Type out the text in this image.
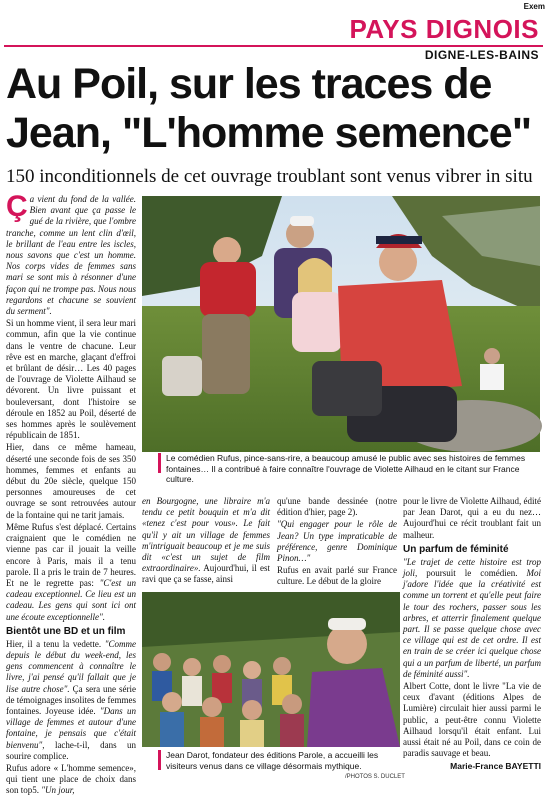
Exem
PAYS DIGNOIS
DIGNE-LES-BAINS
Au Poil, sur les traces de Jean, "L'homme semence"
150 inconditionnels de cet ouvrage troublant sont venus vibrer in situ

Ça vient du fond de la vallée. Bien avant que ça passe le gué de la rivière, que l'ombre tranche, comme un lent clin d'œil, le brillant de l'eau entre les iscles, nous savons que c'est un homme. Nos corps vides de femmes sans mari se sont mis à résonner d'une façon qui ne trompe pas. Nous nous regardons et chacune se souvient du serment".

Si un homme vient, il sera leur mari commun, afin que la vie continue dans le ventre de chacune. Leur rêve est en marche, glaçant d'effroi et brûlant de désir… Les 40 pages de l'ouvrage de Violette Ailhaud se dévorent. Un livre puissant et bouleversant, dont l'histoire se déroule en 1852 au Poil, déserté de ses hommes après le soulèvement républicain de 1851.

Hier, dans ce même hameau, déserté une seconde fois de ses 350 hommes, femmes et enfants au début du 20e siècle, quelque 150 personnes amoureuses de cet ouvrage se sont retrouvées autour de la fontaine qui ne tarit jamais.

Même Rufus s'est déplacé. Certains craignaient que le comédien ne vienne pas car il jouait la veille encore à Paris, mais il a tenu parole. Il a pris le train de 7 heures. Et ne le regrette pas: "C'est un cadeau exceptionnel. Ce lieu est un cadeau. Les gens qui sont ici ont une écoute exceptionnelle".

Bientôt une BD et un film

Hier, il a tenu la vedette. "Comme depuis le début du week-end, les gens commencent à connaître le livre, j'ai pensé qu'il fallait que je lise autre chose". Ça sera une série de témoignages insolites de femmes fontaines. Joyeuse idée. "Dans un village de femmes et autour d'une fontaine, je pensais que c'était bienvenu", lache-t-il, dans un sourire complice.

Rufus adore « L'homme semence», qui tient une place de choix dans son top5. "Un jour,

Le comédien Rufus, pince-sans-rire, a beaucoup amusé le public avec ses histoires de femmes fontaines… Il a contribué à faire connaître l'ouvrage de Violette Ailhaud en le citant sur France culture.

en Bourgogne, une libraire m'a tendu ce petit bouquin et m'a dit «tenez c'est pour vous». Le fait qu'il y ait un village de femmes m'intriguait beaucoup et je me suis dit «c'est un sujet de film extraordinaire». Aujourd'hui, il est ravi que ça se fasse, ainsi

qu'une bande dessinée (notre édition d'hier, page 2).

"Qui engager pour le rôle de Jean? Un type impraticable de préférence, genre Dominique Pinon…"

Rufus en avait parlé sur France culture. Le début de la gloire

pour le livre de Violette Ailhaud, édité par Jean Darot, qui a eu du nez… Aujourd'hui ce récit troublant fait un malheur.

Un parfum de féminité

"Le trajet de cette histoire est trop joli, poursuit le comédien. Moi j'adore l'idée que la créativité est comme un torrent et qu'elle peut faire le tour des rochers, passer sous les arbres, et atterrir finalement quelque part. Il se passe quelque chose avec ce village qui est de cet ordre. Il est en train de se créer ici quelque chose qui a un parfum de liberté, un parfum de féminité aussi".

Albert Cotte, dont le livre "La vie de ceux d'avant (éditions Alpes de Lumière) circulait hier aussi parmi le public, a peut-être connu Violette Ailhaud lorsqu'il était enfant. Lui aussi était né au Poil, dans ce coin de paradis sauvage et beau.

Marie-France BAYETTI
Jean Darot, fondateur des éditions Parole, a accueilli les visiteurs venus dans ce village désormais mythique.
/PHOTOS S. DUCLET
